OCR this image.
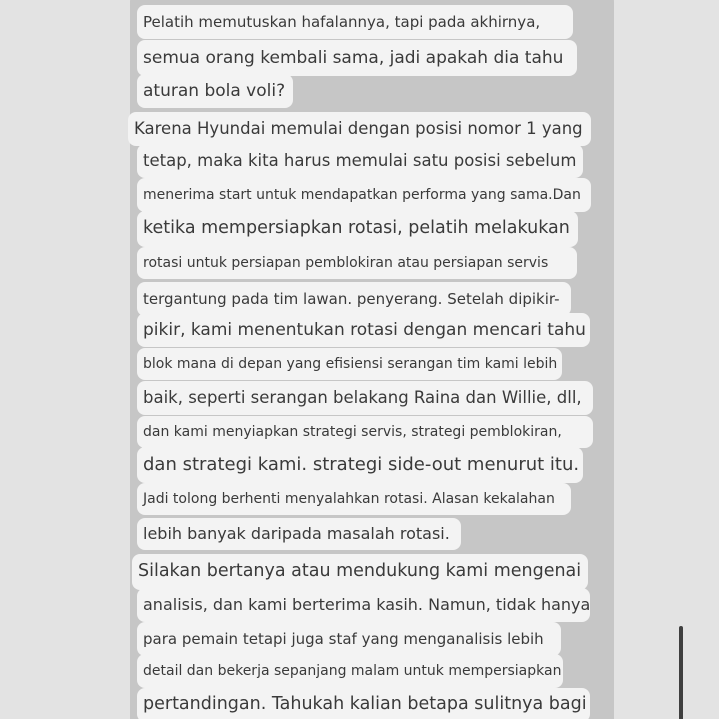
Pelatih memutuskan hafalannya, tapi pada akhirnya,
semua orang kembali sama, jadi apakah dia tahu
aturan bola voli?
Karena Hyundai memulai dengan posisi nomor 1 yang
tetap, maka kita harus memulai satu posisi sebelum
menerima start untuk mendapatkan performa yang sama.Dan
ketika mempersiapkan rotasi, pelatih melakukan
rotasi untuk persiapan pemblokiran atau persiapan servis
tergantung pada tim lawan. penyerang. Setelah dipikir-
pikir, kami menentukan rotasi dengan mencari tahu
blok mana di depan yang efisiensi serangan tim kami lebih
baik, seperti serangan belakang Raina dan Willie, dll,
dan kami menyiapkan strategi servis, strategi pemblokiran,
dan strategi kami. strategi side-out menurut itu.
Jadi tolong berhenti menyalahkan rotasi. Alasan kekalahan
lebih banyak daripada masalah rotasi.
Silakan bertanya atau mendukung kami mengenai
analisis, dan kami berterima kasih. Namun, tidak hanya
para pemain tetapi juga staf yang menganalisis lebih
detail dan bekerja sepanjang malam untuk mempersiapkan
pertandingan. Tahukah kalian betapa sulitnya bagi
